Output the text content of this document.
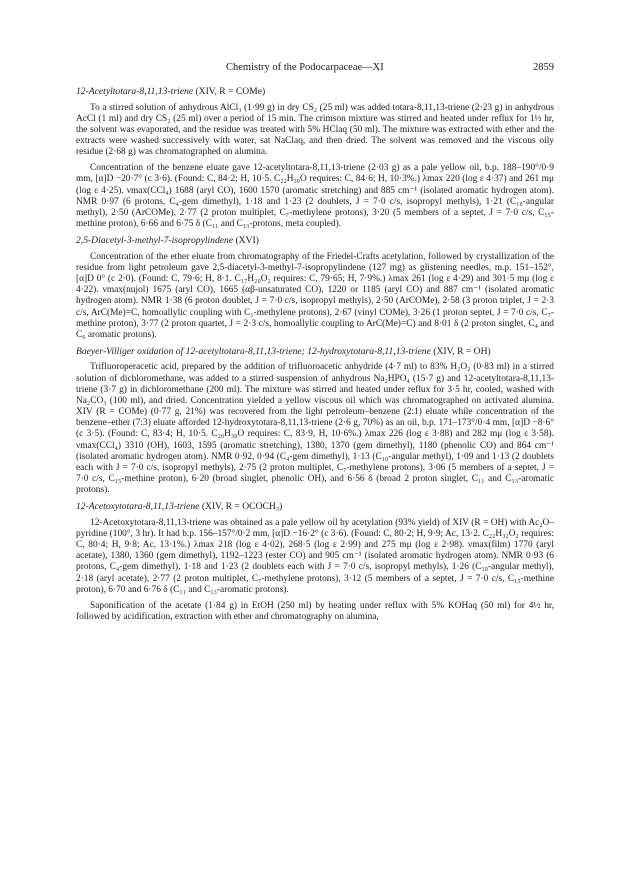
Chemistry of the Podocarpaceae—XI	2859
12-Acetyltotara-8,11,13-triene (XIV, R = COMe)

To a stirred solution of anhydrous AlCl₃ (1·99 g) in dry CS₂ (25 ml) was added totara-8,11,13-triene (2·23 g) in anhydrous AcCl (1 ml) and dry CS₂ (25 ml) over a period of 15 min. The crimson mixture was stirred and heated under reflux for 1½ hr, the solvent was evaporated, and the residue was treated with 5% HClaq (50 ml). The mixture was extracted with ether and the extracts were washed successively with water, sat NaClaq, and then dried. The solvent was removed and the viscous oily residue (2·68 g) was chromatographed on alumina.

Concentration of the benzene eluate gave 12-acetyltotara-8,11,13-triene (2·03 g) as a pale yellow oil, b.p. 188–190°/0·9 mm, [α]D −20·7° (c 3·6). (Found: C, 84·2; H, 10·5. C₂₂H₃₀O requires: C, 84·6; H, 10·3%.) λmax 220 (log ε 4·37) and 261 mμ (log ε 4·25). νmax(CCl₄) 1688 (aryl CO), 1600 1570 (aromatic stretching) and 885 cm⁻¹ (isolated aromatic hydrogen atom). NMR 0·97 (6 protons, C₄-gem dimethyl), 1·18 and 1·23 (2 doublets, J = 7·0 c/s, isopropyl methyls), 1·21 (C₁₀-angular methyl), 2·50 (ArCOMe), 2·77 (2 proton multiplet, C₇-methylene protons), 3·20 (5 members of a septet, J = 7·0 c/s, C₁₅-methine proton), 6·66 and 6·75 δ (C₁₁ and C₁₃-protons, meta coupled).

2,5-Diacetyl-3-methyl-7-isopropylindene (XVI)

Concentration of the ether eluate from chromatography of the Friedel-Crafts acetylation, followed by crystallization of the residue from light petroleum gave 2,5-diacetyl-3-methyl-7-isopropylindene (127 mg) as glistening needles, m.p. 151–152°, [α]D 0° (c 2·0). (Found: C, 79·6; H, 8·1. C₁₇H₂₀O₂ requires: C, 79·65; H, 7·9%.) λmax 261 (log ε 4·29) and 301·5 mμ (log ε 4·22). νmax(nujol) 1675 (aryl CO), 1665 (αβ-unsaturated CO), 1220 or 1185 (aryl CO) and 887 cm⁻¹ (isolated aromatic hydrogen atom). NMR 1·38 (6 proton doublet, J = 7·0 c/s, isopropyl methyls), 2·50 (ArCOMe), 2·58 (3 proton triplet, J = 2·3 c/s, ArC(Me)=C, homoallylic coupling with C₁-methylene protons), 2·67 (vinyl COMe), 3·26 (1 proton septet, J = 7·0 c/s, C₇-methine proton), 3·77 (2 proton quartet, J = 2·3 c/s, homoallylic coupling to ArC(Me)=C) and 8·01 δ (2 proton singlet, C₄ and C₆ aromatic protons).

Baeyer-Villiger oxidation of 12-acetyltotara-8,11,13-triene; 12-hydroxytotara-8,11,13-triene (XIV, R = OH)

Trifluoroperacetic acid, prepared by the addition of trifluoroacetic anhydride (4·7 ml) to 83% H₂O₂ (0·83 ml) in a stirred solution of dichloromethane, was added to a stirred suspension of anhydrous Na₂HPO₄ (15·7 g) and 12-acetyltotara-8,11,13-triene (3·7 g) in dichloromethane (200 ml). The mixture was stirred and heated under reflux for 3·5 hr, cooled, washed with Na₂CO₃ (100 ml), and dried. Concentration yielded a yellow viscous oil which was chromatographed on activated alumina. XIV (R = COMe) (0·77 g, 21%) was recovered from the light petroleum–benzene (2:1) eluate while concentration of the benzene–ether (7:3) eluate afforded 12-hydroxytotara-8,11,13-triene (2·6 g, 70%) as an oil, b.p. 171–173°/0·4 mm, [α]D −8·6° (c 3·5). (Found: C, 83·4; H, 10·5. C₂₀H₃₀O requires: C, 83·9, H, 10·6%.) λmax 226 (log ε 3·88) and 282 mμ (log ε 3·58). νmax(CCl₄) 3310 (OH), 1603, 1595 (aromatic stretching), 1380, 1370 (gem dimethyl), 1180 (phenolic CO) and 864 cm⁻¹ (isolated aromatic hydrogen atom). NMR 0·92, 0·94 (C₄-gem dimethyl), 1·13 (C₁₀-angular methyl), 1·09 and 1·13 (2 doublets each with J = 7·0 c/s, isopropyl methyls), 2·75 (2 proton multiplet, C₇-methylene protons), 3·06 (5 members of a septet, J = 7·0 c/s, C₁₅-methine proton), 6·20 (broad singlet, phenolic OH), and 6·56 δ (broad 2 proton singlet, C₁₁ and C₁₃-aromatic protons).

12-Acetoxytotara-8,11,13-triene (XIV, R = OCOCH₃)

12-Acetoxytotara-8,11,13-triene was obtained as a pale yellow oil by acetylation (93% yield) of XIV (R = OH) with Ac₂O–pyridine (100°, 3 hr). It had b.p. 156–157°/0·2 mm, [α]D −16·2° (c 3·6). (Found: C, 80·2; H, 9·9; Ac, 13·2. C₂₂H₃₂O₂ requires: C, 80·4; H, 9·8; Ac, 13·1%.) λmax 218 (log ε 4·02), 268·5 (log ε 2·99) and 275 mμ (log ε 2·98). νmax(film) 1770 (aryl acetate), 1380, 1360 (gem dimethyl), 1192–1223 (ester CO) and 905 cm⁻¹ (isolated aromatic hydrogen atom). NMR 0·93 (6 protons, C₄-gem dimethyl), 1·18 and 1·23 (2 doublets each with J = 7·0 c/s, isopropyl methyls), 1·26 (C₁₀-angular methyl), 2·18 (aryl acetate), 2·77 (2 proton multiplet, C₇-methylene protons), 3·12 (5 members of a septet, J = 7·0 c/s, C₁₅-methine proton), 6·70 and 6·76 δ (C₁₁ and C₁₃-aromatic protons).

Saponification of the acetate (1·84 g) in EtOH (250 ml) by heating under reflux with 5% KOHaq (50 ml) for 4½ hr, followed by acidification, extraction with ether and chromatography on alumina,
